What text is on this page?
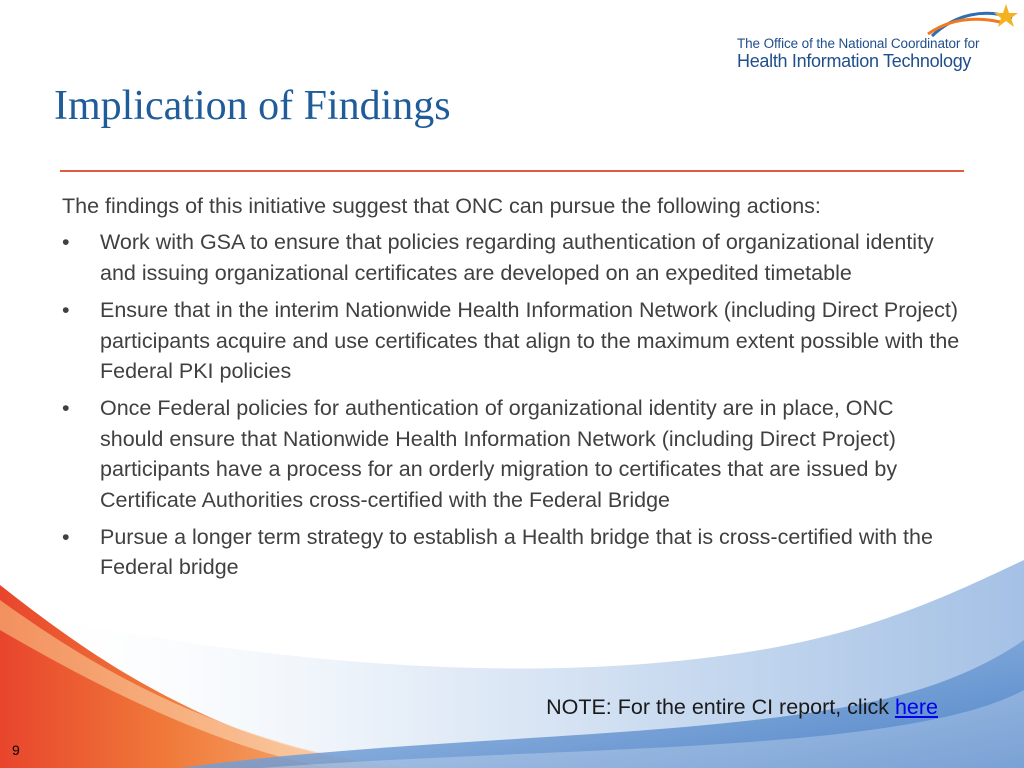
The Office of the National Coordinator for
Health Information Technology
Implication of Findings

The findings of this initiative suggest that ONC can pursue the following actions:

• Work with GSA to ensure that policies regarding authentication of organizational identity and issuing organizational certificates are developed on an expedited timetable
• Ensure that in the interim Nationwide Health Information Network (including Direct Project) participants acquire and use certificates that align to the maximum extent possible with the Federal PKI policies
• Once Federal policies for authentication of organizational identity are in place, ONC should ensure that Nationwide Health Information Network (including Direct Project) participants have a process for an orderly migration to certificates that are issued by Certificate Authorities cross-certified with the Federal Bridge
• Pursue a longer term strategy to establish a Health bridge that is cross-certified with the Federal bridge
NOTE: For the entire CI report, click here
9
